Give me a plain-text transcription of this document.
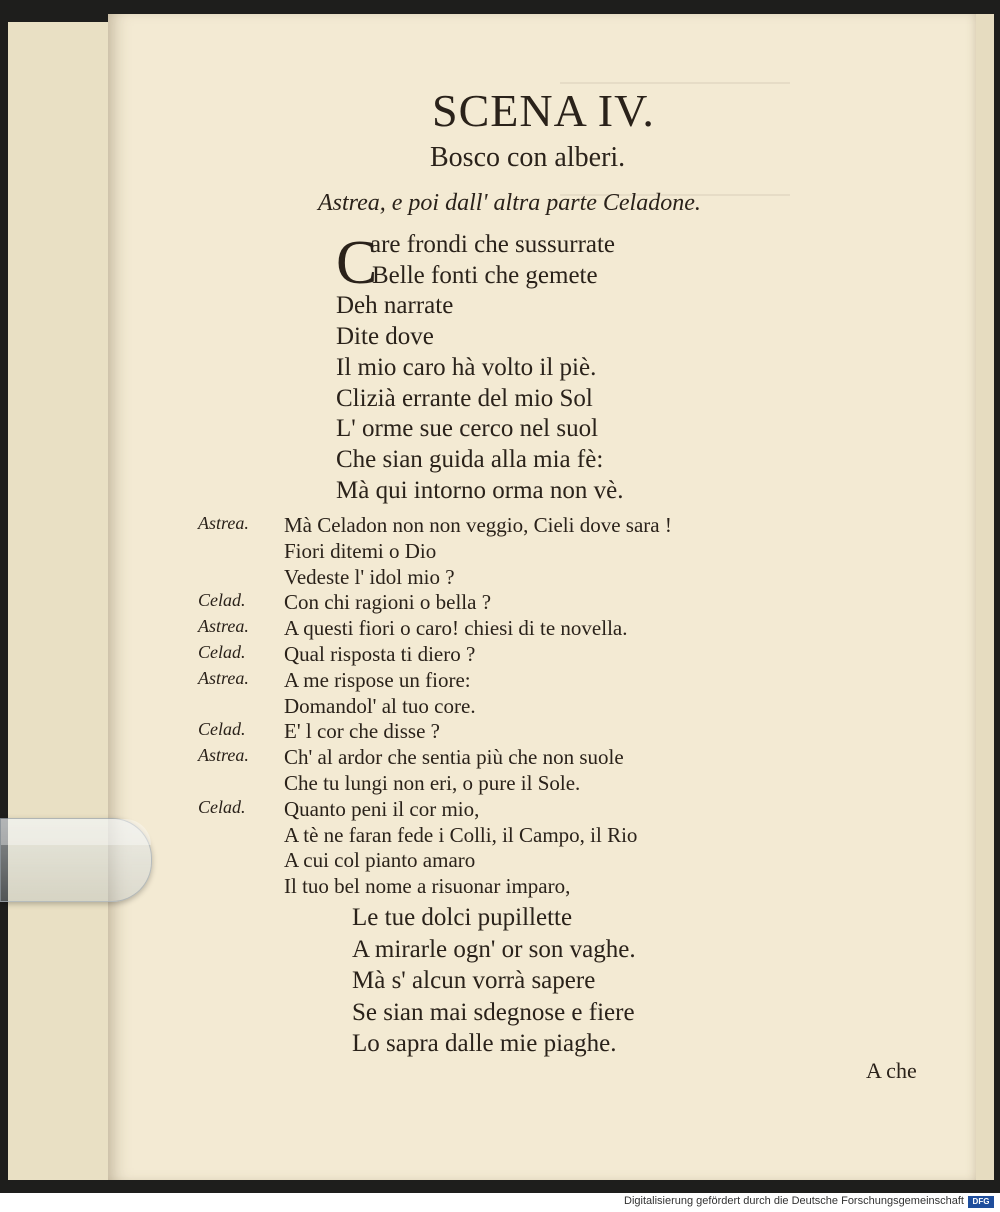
SCENA IV.
Bosco con alberi.
Astrea, e poi dall' altra parte Celadone.
C
are frondi che sussurrate
Belle fonti che gemete
Deh narrate
Dite dove
Il mio caro hà volto il piè.
Clizià errante del mio Sol
L' orme sue cerco nel suol
Che sian guida alla mia fè:
Mà qui intorno orma non vè.
Astrea.	Mà Celadon non non veggio, Cieli dove sara !
Fiori ditemi o Dio
Vedeste l' idol mio ?
Celad.	Con chi ragioni o bella ?
Astrea.	A questi fiori o caro! chiesi di te novella.
Celad.	Qual risposta ti diero ?
Astrea.	A me rispose un fiore:
Domandol' al tuo core.
Celad.	E' l cor che disse ?
Astrea.	Ch' al ardor che sentia più che non suole
Che tu lungi non eri, o pure il Sole.
Celad.	Quanto peni il cor mio,
A tè ne faran fede i Colli, il Campo, il Rio
A cui col pianto amaro
Il tuo bel nome a risuonar imparo,
Le tue dolci pupillette
A mirarle ogn' or son vaghe.
Mà s' alcun vorrà sapere
Se sian mai sdegnose e fiere
Lo sapra dalle mie piaghe.
A che
Digitalisierung gefördert durch die Deutsche Forschungsgemeinschaft	DFG
